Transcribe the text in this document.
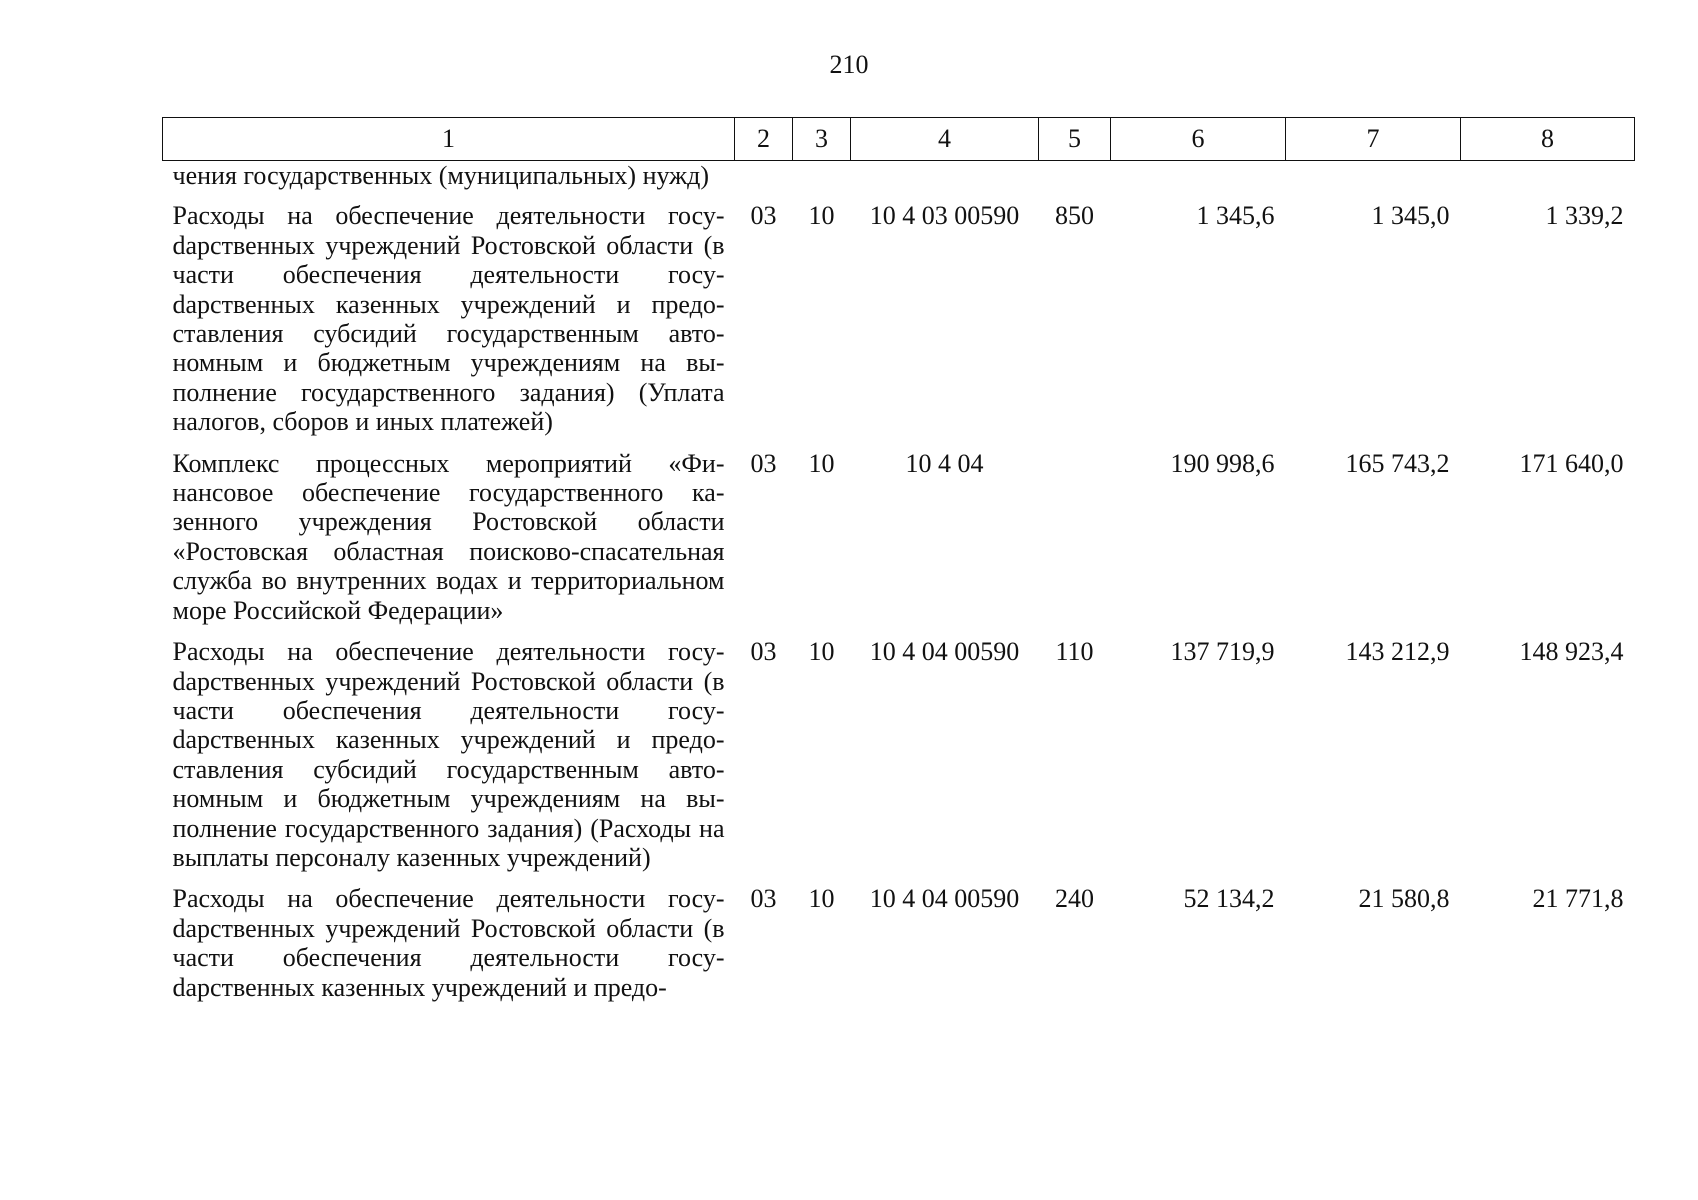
210
1	2	3	4	5	6	7	8
чения государственных (муниципальных) нужд)							
Расходы на обеспечение деятельности госуdарственных учреждений Ростовской области (в части обеспечения деятельности госуdарственных казенных учреждений и предоставления субсидий государственным автономным и бюджетным учреждениям на выполнение государственного задания) (Уплата налогов, сборов и иных платежей)	03	10	10 4 03 00590	850	1 345,6	1 345,0	1 339,2
Комплекс процессных мероприятий «Финансовое обеспечение государственного казенного учреждения Ростовской области «Ростовская областная поисково-спасательная служба во внутренних водах и территориальном море Российской Федерации»	03	10	10 4 04		190 998,6	165 743,2	171 640,0
Расходы на обеспечение деятельности госуdарственных учреждений Ростовской области (в части обеспечения деятельности госуdарственных казенных учреждений и предоставления субсидий государственным автономным и бюджетным учреждениям на выполнение государственного задания) (Расходы на выплаты персоналу казенных учреждений)	03	10	10 4 04 00590	110	137 719,9	143 212,9	148 923,4
Расходы на обеспечение деятельности госуdарственных учреждений Ростовской области (в части обеспечения деятельности госуdарственных казенных учреждений и предо-	03	10	10 4 04 00590	240	52 134,2	21 580,8	21 771,8
